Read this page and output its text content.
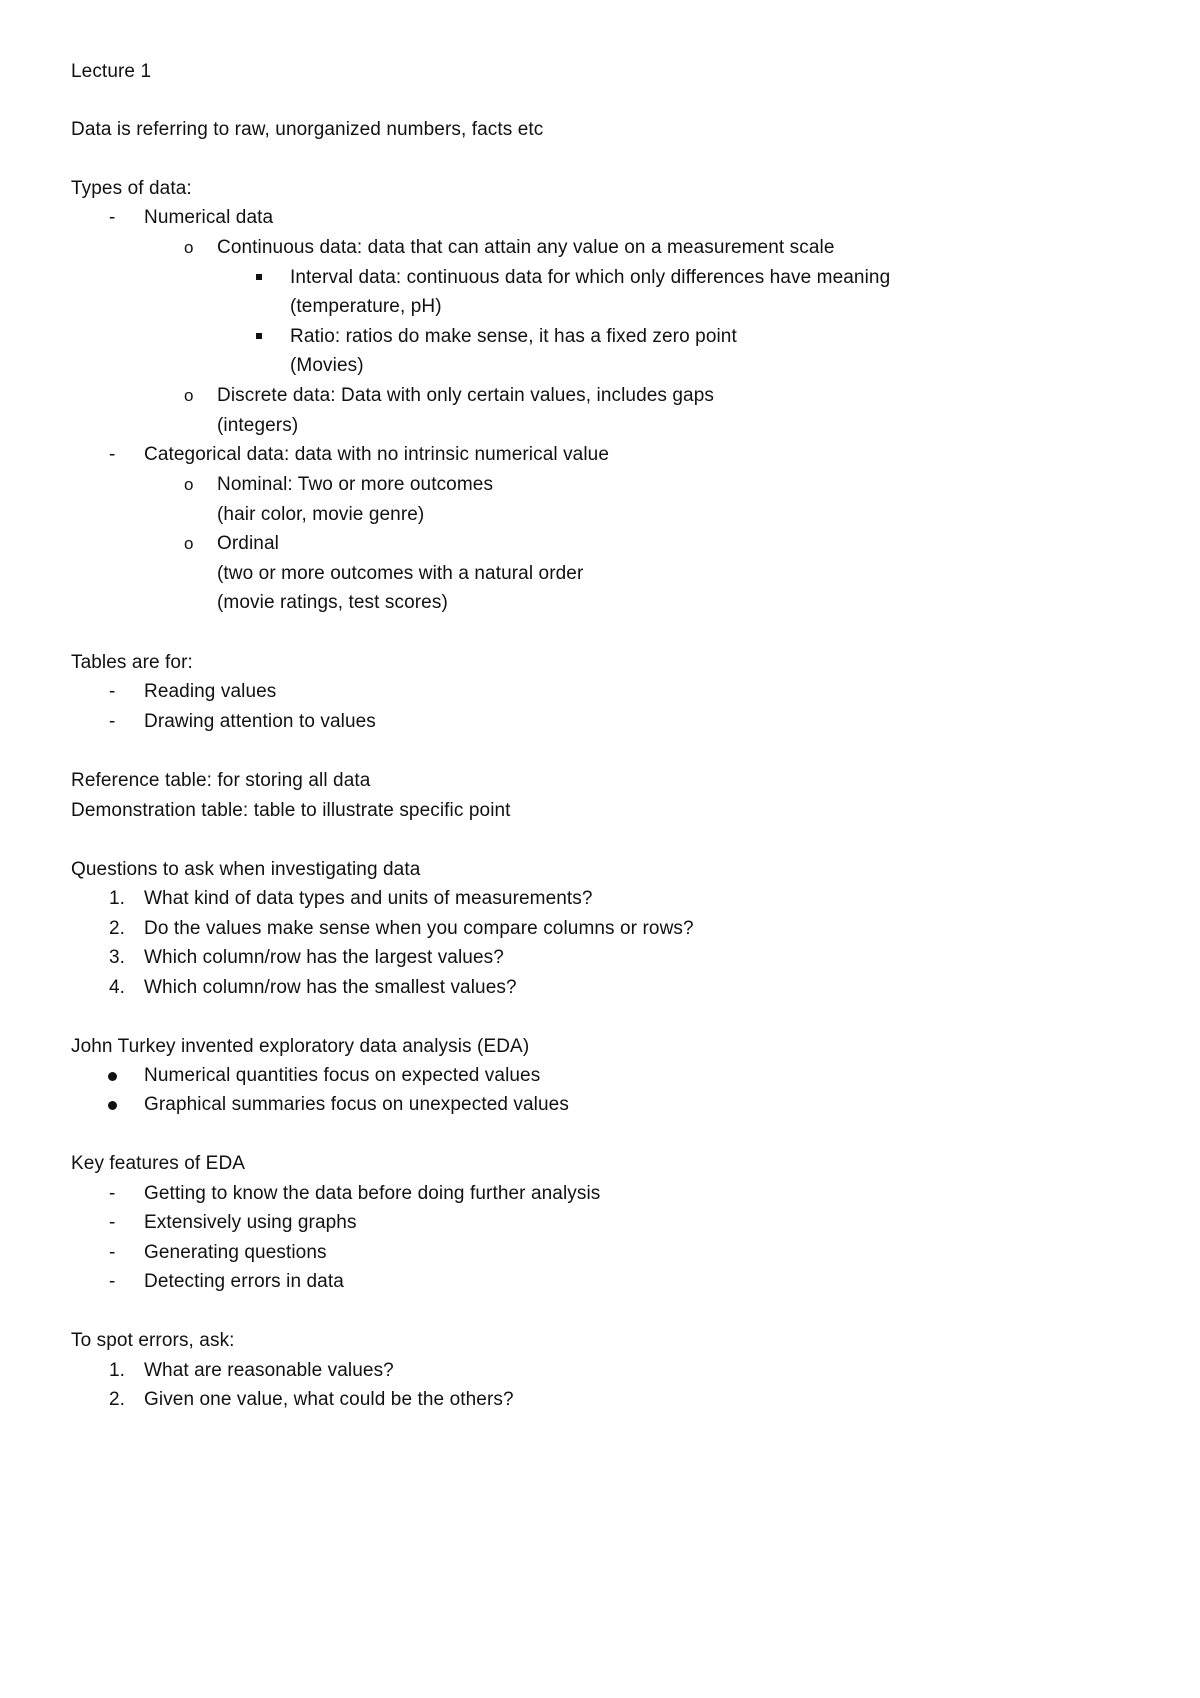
Lecture 1
Data is referring to raw, unorganized numbers, facts etc
Types of data:
- Numerical data
o Continuous data: data that can attain any value on a measurement scale
Interval data: continuous data for which only differences have meaning
(temperature, pH)
Ratio: ratios do make sense, it has a fixed zero point
(Movies)
o Discrete data: Data with only certain values, includes gaps
(integers)
- Categorical data: data with no intrinsic numerical value
o Nominal: Two or more outcomes
(hair color, movie genre)
o Ordinal
(two or more outcomes with a natural order
(movie ratings, test scores)
Tables are for:
- Reading values
- Drawing attention to values
Reference table: for storing all data
Demonstration table: table to illustrate specific point
Questions to ask when investigating data
1. What kind of data types and units of measurements?
2. Do the values make sense when you compare columns or rows?
3. Which column/row has the largest values?
4. Which column/row has the smallest values?
John Turkey invented exploratory data analysis (EDA)
Numerical quantities focus on expected values
Graphical summaries focus on unexpected values
Key features of EDA
- Getting to know the data before doing further analysis
- Extensively using graphs
- Generating questions
- Detecting errors in data
To spot errors, ask:
1. What are reasonable values?
2. Given one value, what could be the others?
